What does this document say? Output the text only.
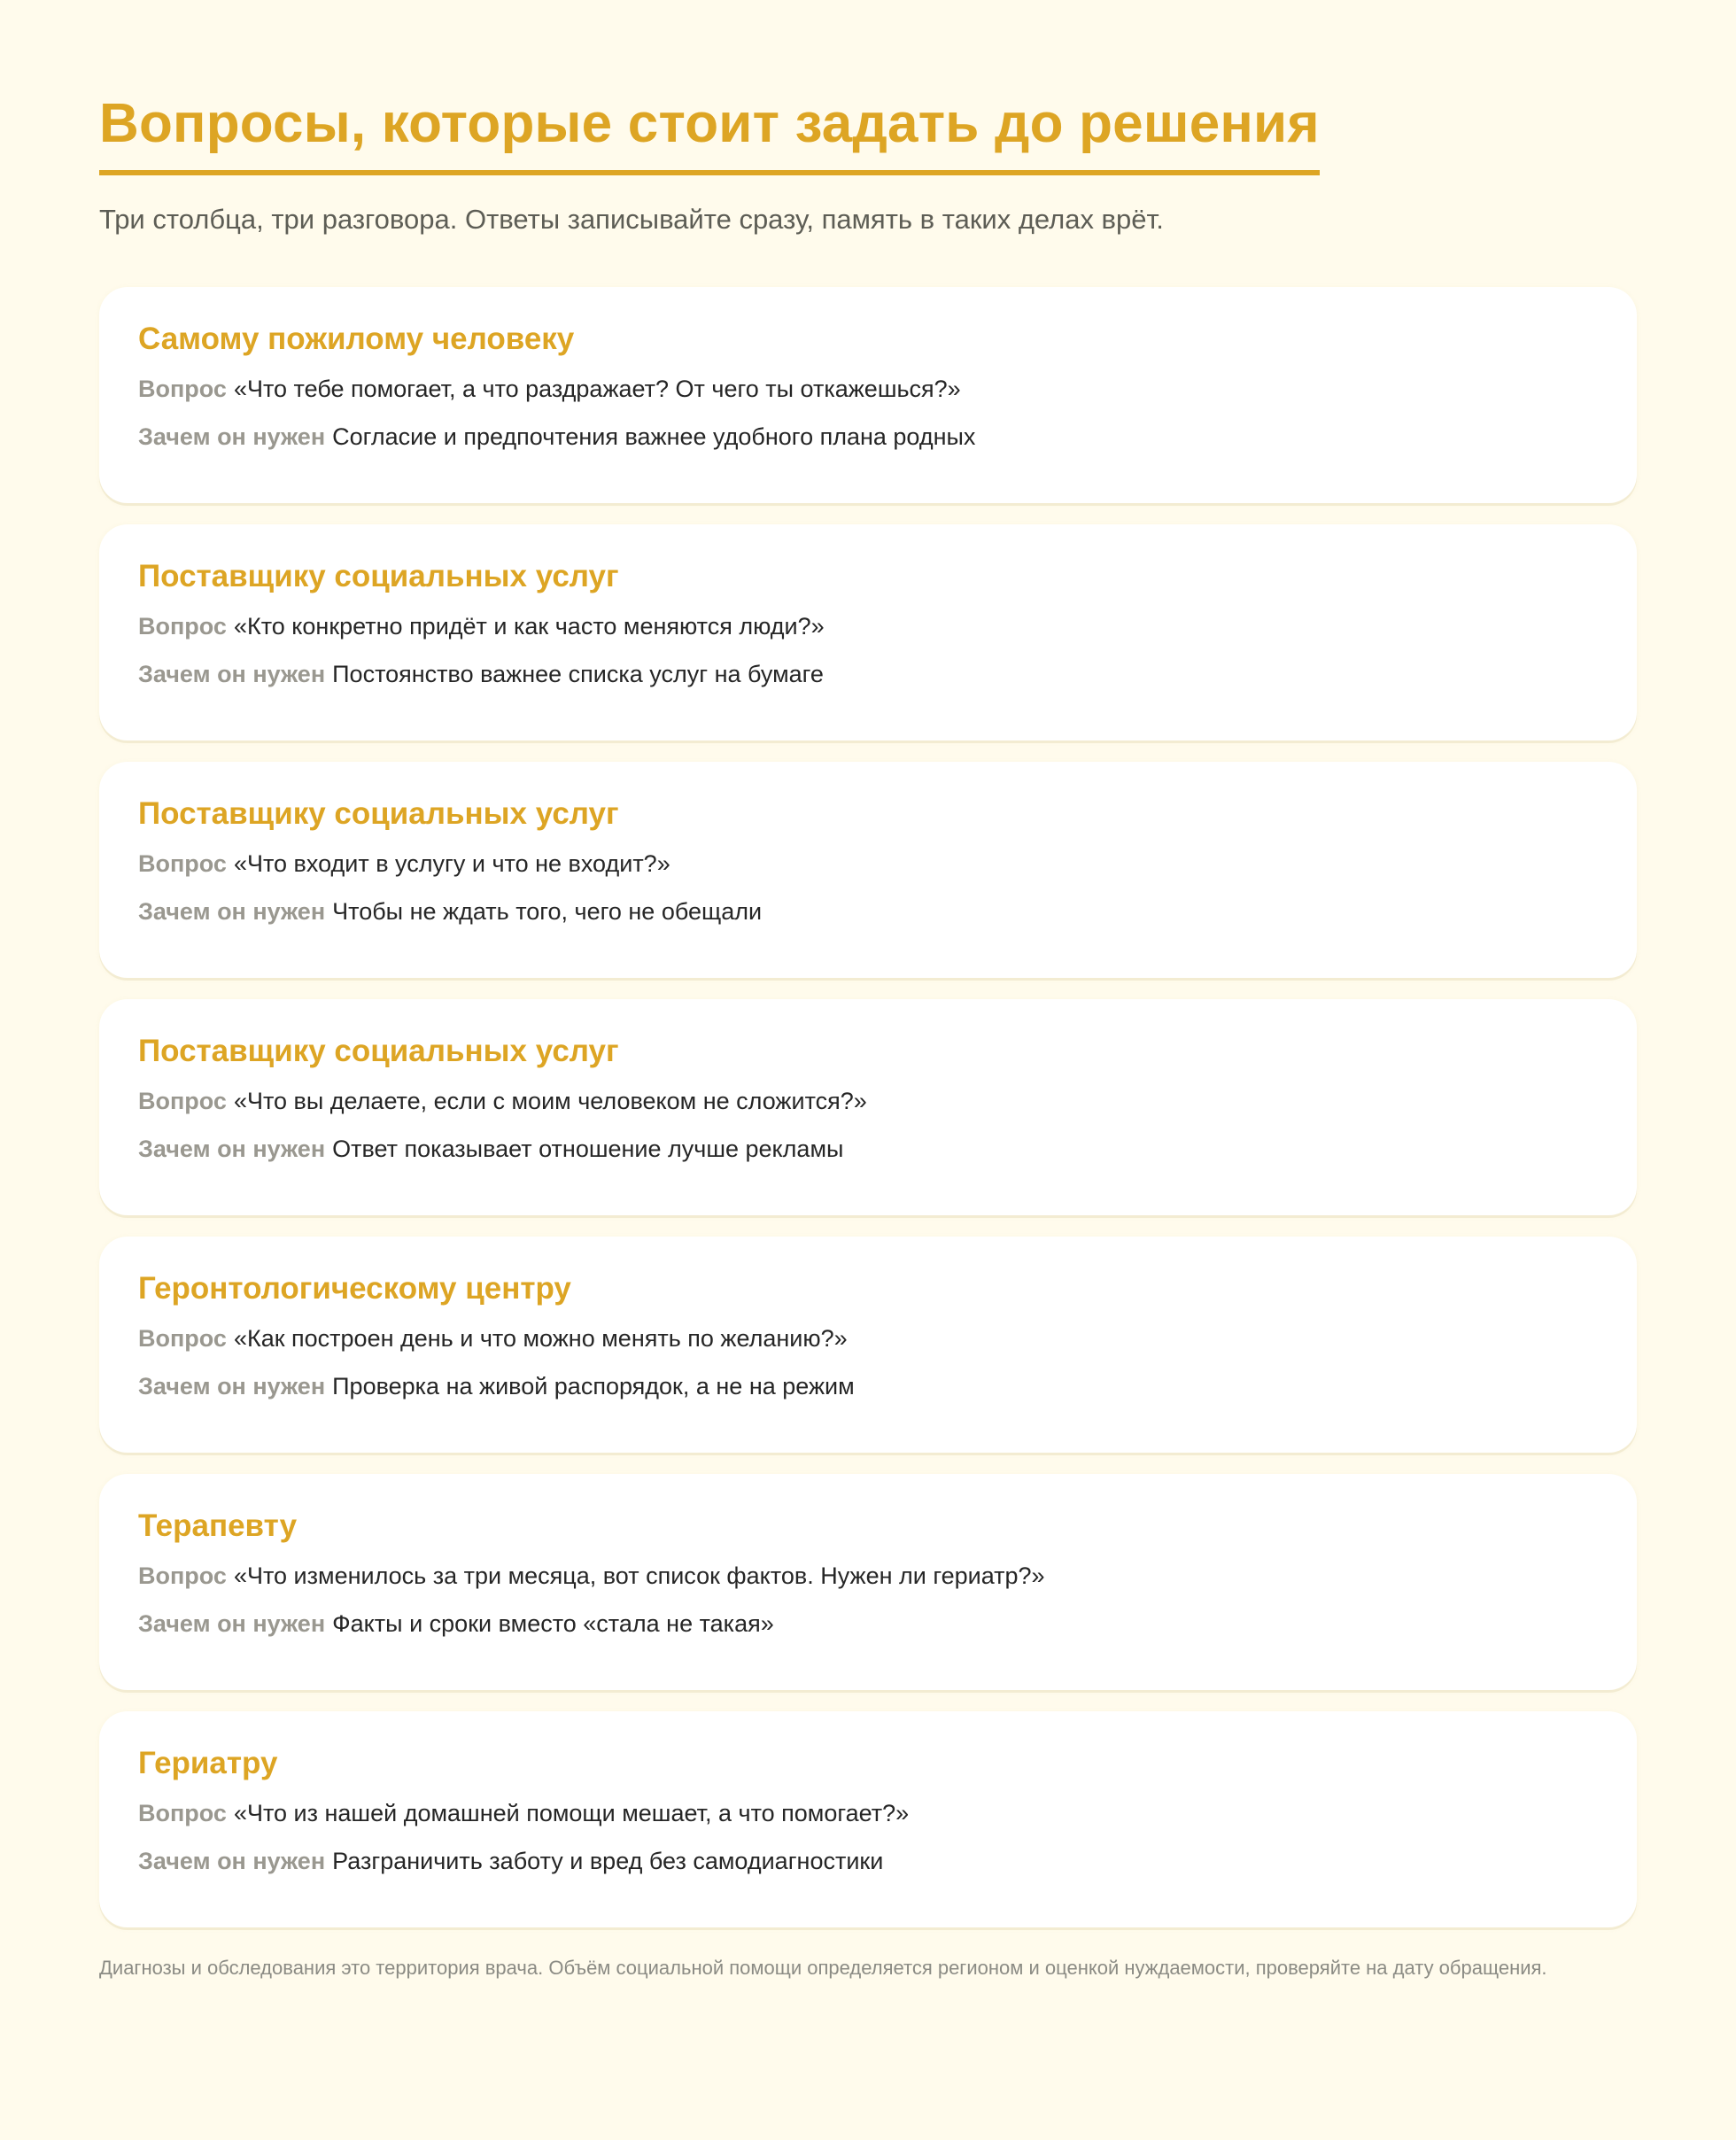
Вопросы, которые стоит задать до решения

Три столбца, три разговора. Ответы записывайте сразу, память в таких делах врёт.

Самому пожилому человеку

Вопрос «Что тебе помогает, а что раздражает? От чего ты откажешься?»

Зачем он нужен Согласие и предпочтения важнее удобного плана родных

Поставщику социальных услуг

Вопрос «Кто конкретно придёт и как часто меняются люди?»

Зачем он нужен Постоянство важнее списка услуг на бумаге

Поставщику социальных услуг

Вопрос «Что входит в услугу и что не входит?»

Зачем он нужен Чтобы не ждать того, чего не обещали

Поставщику социальных услуг

Вопрос «Что вы делаете, если с моим человеком не сложится?»

Зачем он нужен Ответ показывает отношение лучше рекламы

Геронтологическому центру

Вопрос «Как построен день и что можно менять по желанию?»

Зачем он нужен Проверка на живой распорядок, а не на режим

Терапевту

Вопрос «Что изменилось за три месяца, вот список фактов. Нужен ли гериатр?»

Зачем он нужен Факты и сроки вместо «стала не такая»

Гериатру

Вопрос «Что из нашей домашней помощи мешает, а что помогает?»

Зачем он нужен Разграничить заботу и вред без самодиагностики

Диагнозы и обследования это территория врача. Объём социальной помощи определяется регионом и оценкой нуждаемости, проверяйте на дату обращения.
